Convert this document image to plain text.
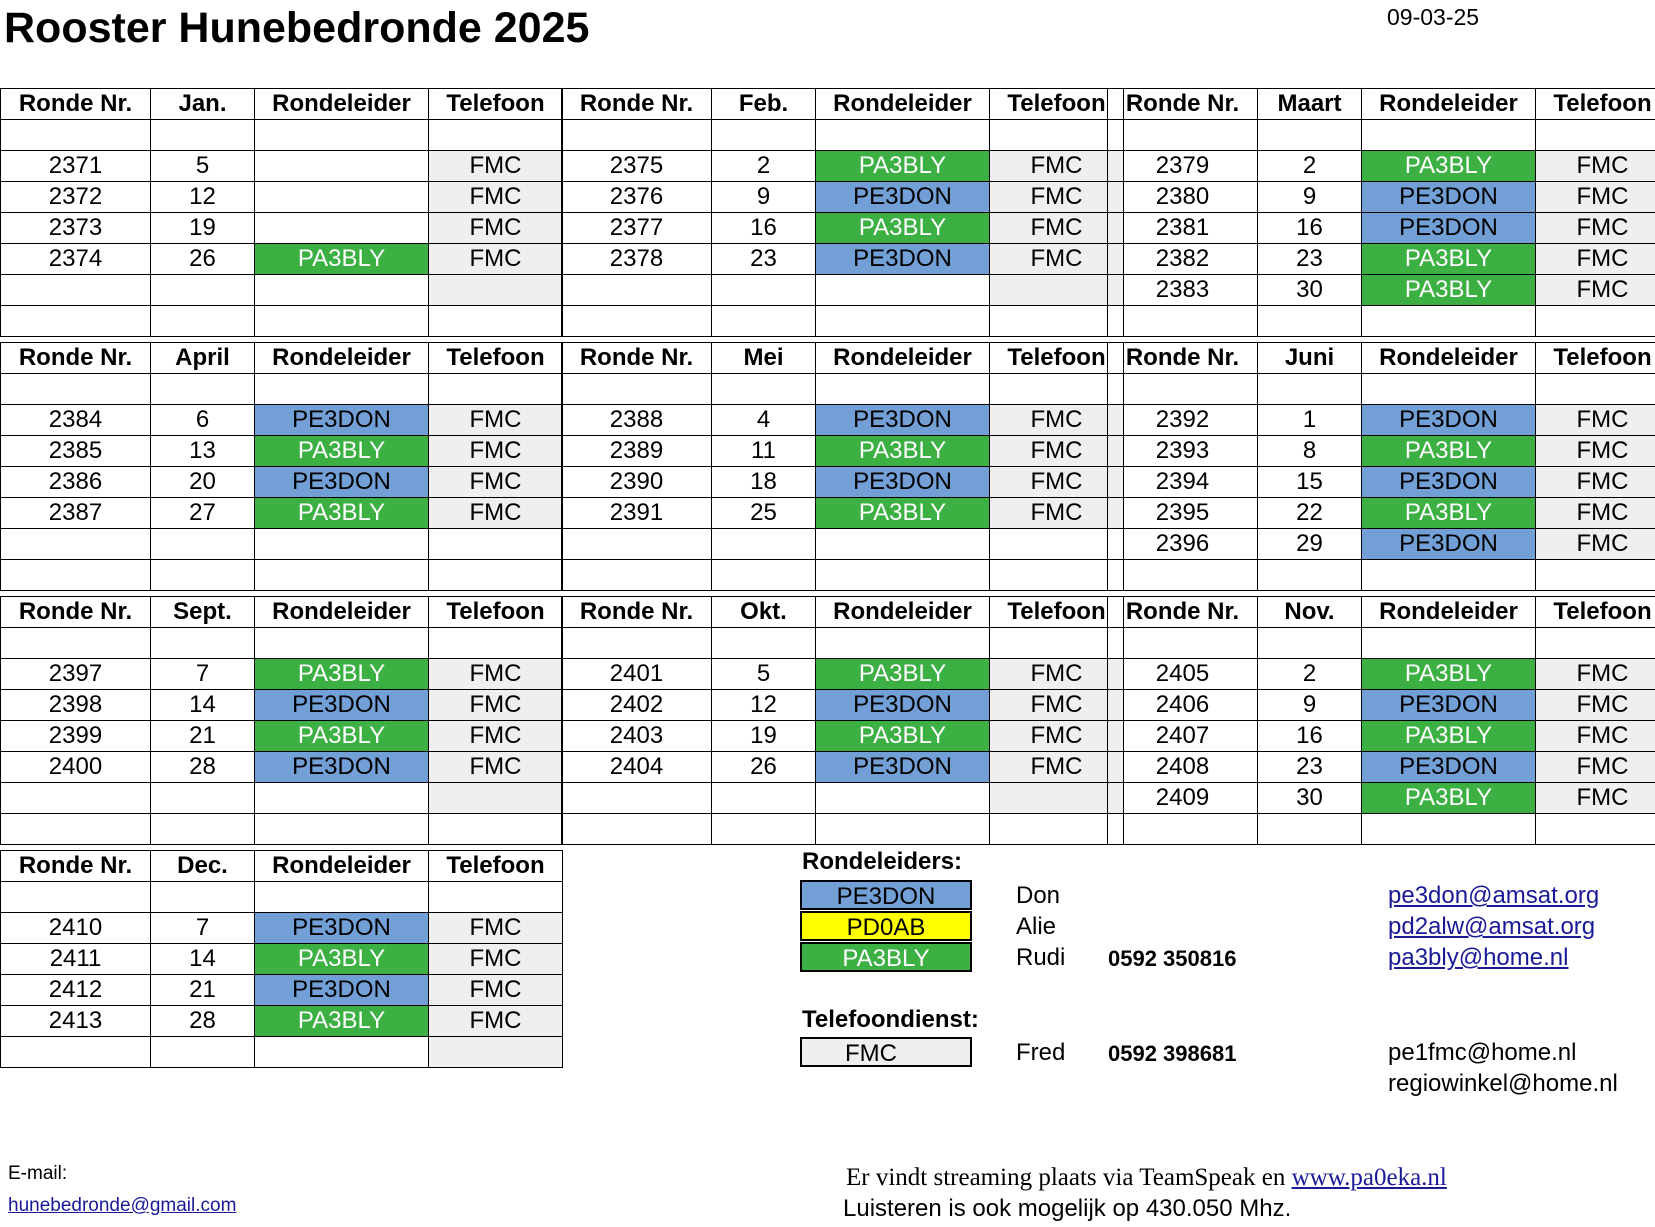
Rooster Hunebedronde 2025	09-03-25
Ronde Nr.	Jan.	Rondeleider	Telefoon

2371	5		FMC
2372	12		FMC
2373	19		FMC
2374	26	PA3BLY	FMC

Ronde Nr.	Feb.	Rondeleider	Telefoon

2375	2	PA3BLY	FMC
2376	9	PE3DON	FMC
2377	16	PA3BLY	FMC
2378	23	PE3DON	FMC

Ronde Nr.	Maart	Rondeleider	Telefoon

2379	2	PA3BLY	FMC
2380	9	PE3DON	FMC
2381	16	PE3DON	FMC
2382	23	PA3BLY	FMC
2383	30	PA3BLY	FMC

Ronde Nr.	April	Rondeleider	Telefoon

2384	6	PE3DON	FMC
2385	13	PA3BLY	FMC
2386	20	PE3DON	FMC
2387	27	PA3BLY	FMC

Ronde Nr.	Mei	Rondeleider	Telefoon

2388	4	PE3DON	FMC
2389	11	PA3BLY	FMC
2390	18	PE3DON	FMC
2391	25	PA3BLY	FMC

Ronde Nr.	Juni	Rondeleider	Telefoon

2392	1	PE3DON	FMC
2393	8	PA3BLY	FMC
2394	15	PE3DON	FMC
2395	22	PA3BLY	FMC
2396	29	PE3DON	FMC

Ronde Nr.	Sept.	Rondeleider	Telefoon

2397	7	PA3BLY	FMC
2398	14	PE3DON	FMC
2399	21	PA3BLY	FMC
2400	28	PE3DON	FMC

Ronde Nr.	Okt.	Rondeleider	Telefoon

2401	5	PA3BLY	FMC
2402	12	PE3DON	FMC
2403	19	PA3BLY	FMC
2404	26	PE3DON	FMC

Ronde Nr.	Nov.	Rondeleider	Telefoon

2405	2	PA3BLY	FMC
2406	9	PE3DON	FMC
2407	16	PA3BLY	FMC
2408	23	PE3DON	FMC
2409	30	PA3BLY	FMC

Ronde Nr.	Dec.	Rondeleider	Telefoon

2410	7	PE3DON	FMC
2411	14	PA3BLY	FMC
2412	21	PE3DON	FMC
2413	28	PA3BLY	FMC

Rondeleiders:
PE3DON	Don	pe3don@amsat.org
PD0AB	Alie	pd2alw@amsat.org
PA3BLY	Rudi 0592 350816	pa3bly@home.nl
Telefoondienst:
FMC	Fred 0592 398681	pe1fmc@home.nl
regiowinkel@home.nl
E-mail:
hunebedronde@gmail.com
Er vindt streaming plaats via TeamSpeak en www.pa0eka.nl
Luisteren is ook mogelijk op 430.050 Mhz.
